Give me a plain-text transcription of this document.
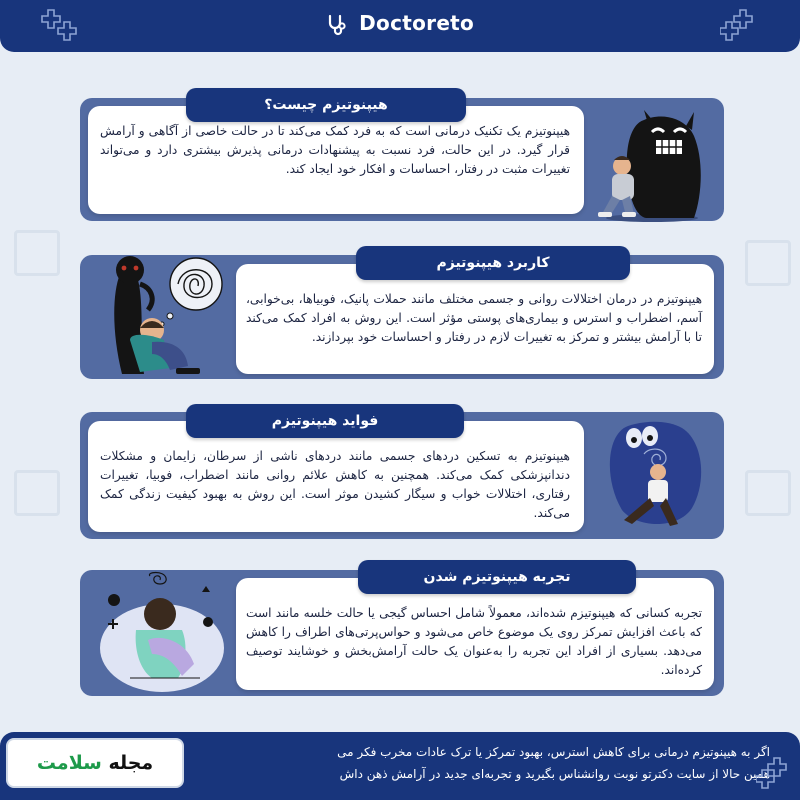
Doctoreto

هیپنوتیزم یک تکنیک درمانی است که به فرد کمک می‌کند تا در حالت خاصی از آگاهی و آرامش قرار گیرد. در این حالت، فرد نسبت به پیشنهادات درمانی پذیرش بیشتری دارد و می‌تواند تغییرات مثبت در رفتار، احساسات و افکار خود ایجاد کند.

هیپنوتیزم چیست؟

هیپنوتیزم در درمان اختلالات روانی و جسمی مختلف مانند حملات پانیک، فوبیاها، بی‌خوابی، آسم، اضطراب و استرس و بیماری‌های پوستی مؤثر است. این روش به افراد کمک می‌کند تا با آرامش بیشتر و تمرکز به تغییرات لازم در رفتار و احساسات خود بپردازند.

کاربرد هیپنوتیزم

هیپنوتیزم به تسکین دردهای جسمی مانند دردهای ناشی از سرطان، زایمان و مشکلات دندانپزشکی کمک می‌کند. همچنین به کاهش علائم روانی مانند اضطراب، فوبیا، تغییرات رفتاری، اختلالات خواب و سیگار کشیدن موثر است. این روش به بهبود کیفیت زندگی کمک می‌کند.

فواید هیپنوتیزم

تجربه کسانی که هیپنوتیزم شده‌اند، معمولاً شامل احساس گیجی یا حالت خلسه مانند است که باعث افزایش تمرکز روی یک موضوع خاص می‌شود و حواس‌پرتی‌های اطراف را کاهش می‌دهد. بسیاری از افراد این تجربه را به‌عنوان یک حالت آرامش‌بخش و خوشایند توصیف کرده‌اند.

تجربه هیپنوتیزم شدن
اگر به هیپنوتیزم درمانی برای کاهش استرس، بهبود تمرکز یا ترک عادات مخرب فکر می
همین حالا از سایت دکترتو نوبت روانشناس بگیرید و تجربه‌ای جدید در آرامش ذهن داش
مجله سلامت
